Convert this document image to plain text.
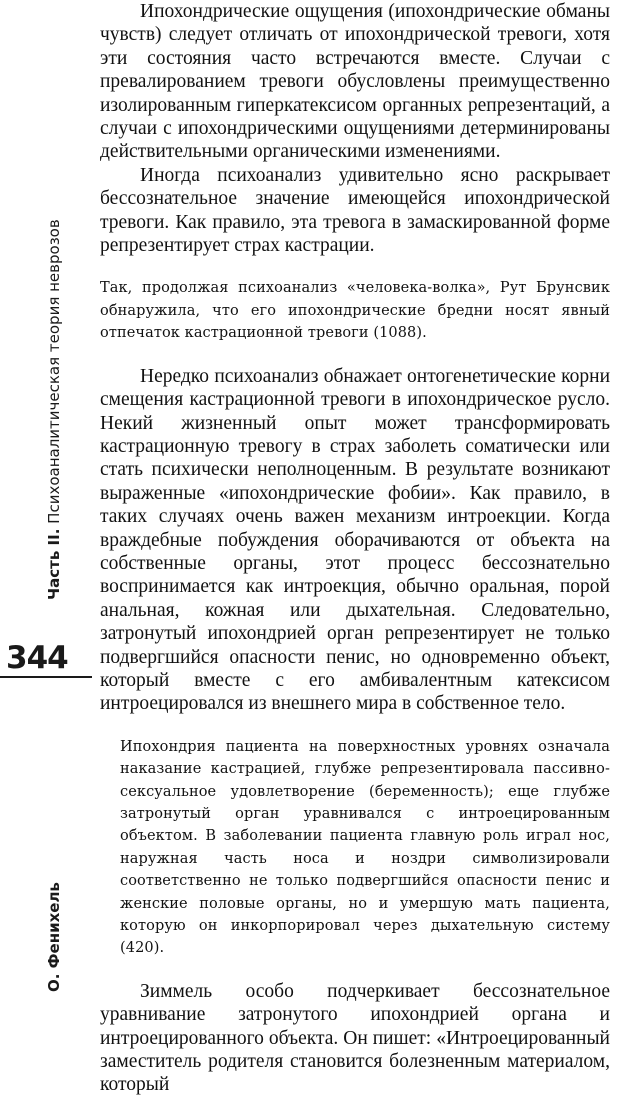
Часть II. Психоаналитическая теория неврозов
344
О. Фенихель

Ипохондрические ощущения (ипохондрические обманы чувств) следует отличать от ипохондрической тревоги, хотя эти состояния часто встречаются вместе. Случаи с превалированием тревоги обусловлены преимущественно изолированным гиперкатексисом органных репрезентаций, а случаи с ипохондрическими ощущениями детерминированы действительными органическими изменениями.

Иногда психоанализ удивительно ясно раскрывает бессознательное значение имеющейся ипохондрической тревоги. Как правило, эта тревога в замаскированной форме репрезентирует страх кастрации.

Так, продолжая психоанализ «человека-волка», Рут Брунсвик обнаружила, что его ипохондрические бредни носят явный отпечаток кастрационной тревоги (1088).

Нередко психоанализ обнажает онтогенетические корни смещения кастрационной тревоги в ипохондрическое русло. Некий жизненный опыт может трансформировать кастрационную тревогу в страх заболеть соматически или стать психически неполноценным. В результате возникают выраженные «ипохондрические фобии». Как правило, в таких случаях очень важен механизм интроекции. Когда враждебные побуждения оборачиваются от объекта на собственные органы, этот процесс бессознательно воспринимается как интроекция, обычно оральная, порой анальная, кожная или дыхательная. Следовательно, затронутый ипохондрией орган репрезентирует не только подвергшийся опасности пенис, но одновременно объект, который вместе с его амбивалентным катексисом интроецировался из внешнего мира в собственное тело.

Ипохондрия пациента на поверхностных уровнях означала наказание кастрацией, глубже репрезентировала пассивно-сексуальное удовлетворение (беременность); еще глубже затронутый орган уравнивался с интроецированным объектом. В заболевании пациента главную роль играл нос, наружная часть носа и ноздри символизировали соответственно не только подвергшийся опасности пенис и женские половые органы, но и умершую мать пациента, которую он инкорпорировал через дыхательную систему (420).

Зиммель особо подчеркивает бессознательное уравнивание затронутого ипохондрией органа и интроецированного объекта. Он пишет: «Интроецированный заместитель родителя становится болезненным материалом, который
